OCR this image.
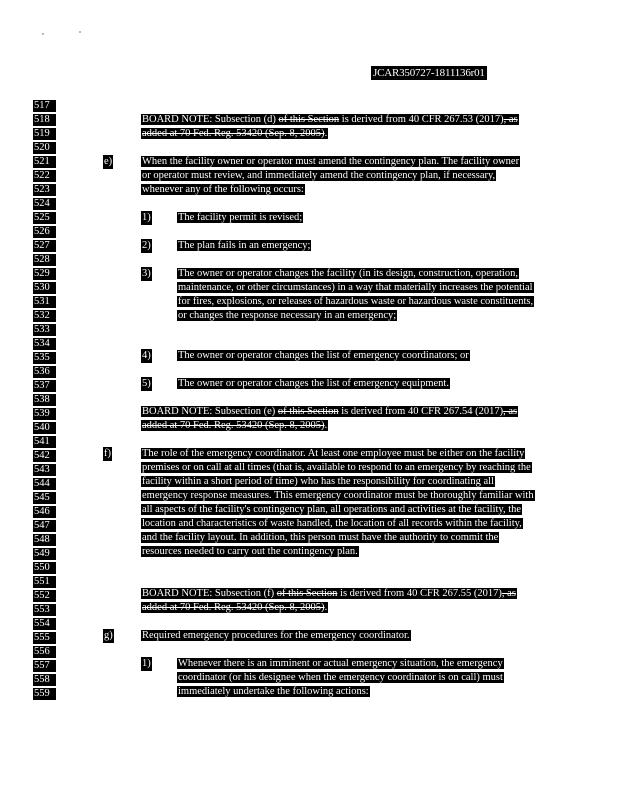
JCAR350727-1811136r01
517
518
519
520
521
522
523
524
525
526
527
528
529
530
531
532
533
534
535
536
537
538
539
540
541
542
543
544
545
546
547
548
549
550
551
552
553
554
555
556
557
558
559
BOARD NOTE: Subsection (d) of this Section is derived from 40 CFR 267.53 (2017), as added at 70 Fed. Reg. 53420 (Sep. 8, 2005).
e)	When the facility owner or operator must amend the contingency plan. The facility owner or operator must review, and immediately amend the contingency plan, if necessary, whenever any of the following occurs:
1)	The facility permit is revised;
2)	The plan fails in an emergency;
3)	The owner or operator changes the facility (in its design, construction, operation, maintenance, or other circumstances) in a way that materially increases the potential for fires, explosions, or releases of hazardous waste or hazardous waste constituents, or changes the response necessary in an emergency;
4)	The owner or operator changes the list of emergency coordinators; or
5)	The owner or operator changes the list of emergency equipment.
BOARD NOTE: Subsection (e) of this Section is derived from 40 CFR 267.54 (2017), as added at 70 Fed. Reg. 53420 (Sep. 8, 2005).
f)	The role of the emergency coordinator. At least one employee must be either on the facility premises or on call at all times (that is, available to respond to an emergency by reaching the facility within a short period of time) who has the responsibility for coordinating all emergency response measures. This emergency coordinator must be thoroughly familiar with all aspects of the facility's contingency plan, all operations and activities at the facility, the location and characteristics of waste handled, the location of all records within the facility, and the facility layout. In addition, this person must have the authority to commit the resources needed to carry out the contingency plan.
BOARD NOTE: Subsection (f) of this Section is derived from 40 CFR 267.55 (2017), as added at 70 Fed. Reg. 53420 (Sep. 8, 2005).
g)	Required emergency procedures for the emergency coordinator.
1)	Whenever there is an imminent or actual emergency situation, the emergency coordinator (or his designee when the emergency coordinator is on call) must immediately undertake the following actions:
